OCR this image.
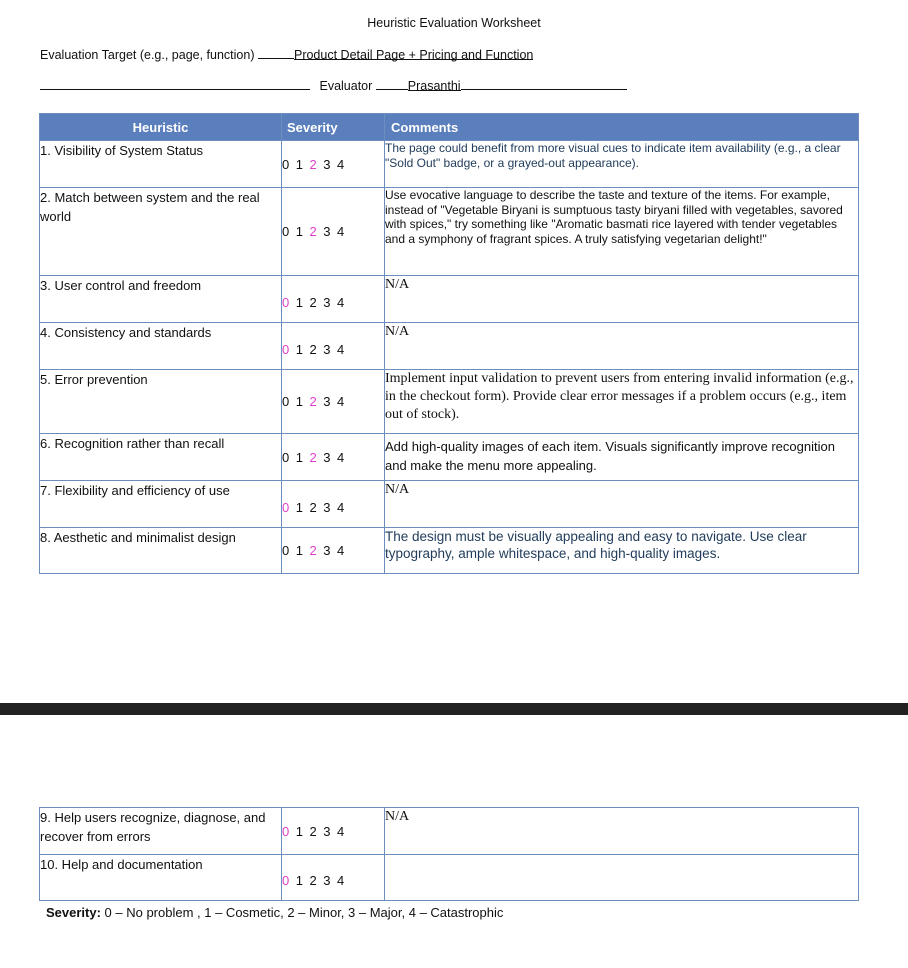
Heuristic Evaluation Worksheet
Evaluation Target (e.g., page, function)	Product Detail Page + Pricing and Function
Evaluator	Prasanthi
Heuristic	Severity	Comments
1. Visibility of System Status	0 1 2 3 4	The page could benefit from more visual cues to indicate item availability (e.g., a clear "Sold Out" badge, or a grayed-out appearance).
2. Match between system and the real world	0 1 2 3 4	Use evocative language to describe the taste and texture of the items. For example, instead of "Vegetable Biryani is sumptuous tasty biryani filled with vegetables, savored with spices," try something like "Aromatic basmati rice layered with tender vegetables and a symphony of fragrant spices. A truly satisfying vegetarian delight!"
3. User control and freedom	0 1 2 3 4	N/A
4. Consistency and standards	0 1 2 3 4	N/A
5. Error prevention	0 1 2 3 4	Implement input validation to prevent users from entering invalid information (e.g., in the checkout form). Provide clear error messages if a problem occurs (e.g., item out of stock).
6. Recognition rather than recall	0 1 2 3 4	Add high-quality images of each item. Visuals significantly improve recognition and make the menu more appealing.
7. Flexibility and efficiency of use	0 1 2 3 4	N/A
8. Aesthetic and minimalist design	0 1 2 3 4	The design must be visually appealing and easy to navigate. Use clear typography, ample whitespace, and high-quality images.
9. Help users recognize, diagnose, and recover from errors	0 1 2 3 4	N/A
10. Help and documentation	0 1 2 3 4	
Severity: 0 – No problem , 1 – Cosmetic, 2 – Minor, 3 – Major, 4 – Catastrophic
